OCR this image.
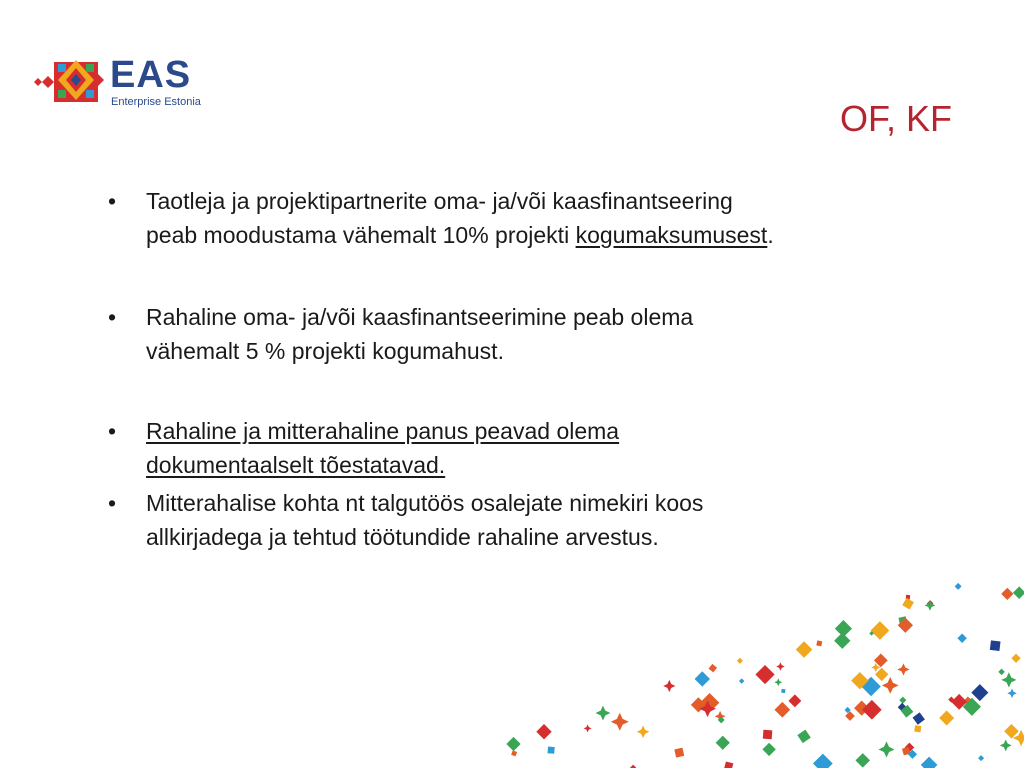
EAS
Enterprise Estonia	OF, KF
• Taotleja ja projektipartnerite oma- ja/või kaasfinantseering peab moodustama vähemalt 10% projekti kogumaksumusest.
• Rahaline oma- ja/või kaasfinantseerimine peab olema vähemalt 5 % projekti kogumahust.
• Rahaline ja mitterahaline panus peavad olema dokumentaalselt tõestatavad.
• Mitterahalise kohta nt talgutöös osalejate nimekiri koos allkirjadega ja tehtud töötundide rahaline arvestus.
